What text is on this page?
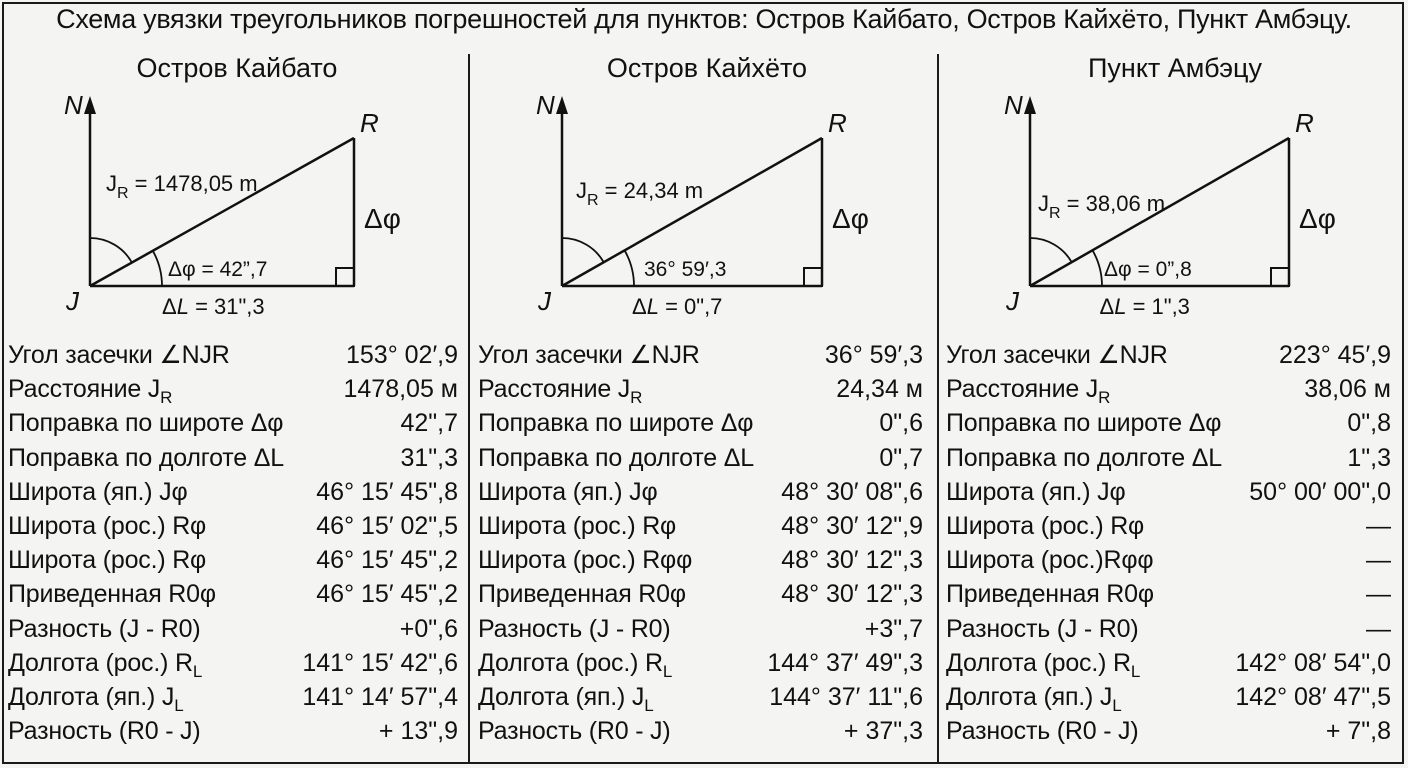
Схема увязки треугольников погрешностей для пунктов: Остров Кайбато, Остров Кайхёто, Пункт Амбэцу.
Остров Кайбато
N
J
R
Δφ
$J_R = 1478,05$ m
Δφ = 42”,7
ΔL = 31",3
Угол засечки ∠NJR	153° 02′,9
Расстояние $J_R$	1478,05 м
Поправка по широте Δφ	42",7
Поправка по долготе ΔL	31",3
Широта (яп.) Jφ	46° 15′ 45",8
Широта (рос.) Rφ	46° 15′ 02",5
Широта (рос.) Rφ	46° 15′ 45",2
Приведенная R0φ	46° 15′ 45",2
Разность (J - R0)	+0",6
Долгота (рос.) $R_L$	141° 15′ 42",6
Долгота (яп.) $J_L$	141° 14′ 57",4
Разность (R0 - J)	+ 13",9
Остров Кайхёто
N
J
R
Δφ
$J_R = 24,34$ m
36° 59′,3
ΔL = 0",7
Угол засечки ∠NJR	36° 59′,3
Расстояние $J_R$	24,34 м
Поправка по широте Δφ	0",6
Поправка по долготе ΔL	0",7
Широта (яп.) Jφ	48° 30′ 08",6
Широта (рос.) Rφ	48° 30′ 12",9
Широта (рос.) Rφφ	48° 30′ 12",3
Приведенная R0φ	48° 30′ 12",3
Разность (J - R0)	+3",7
Долгота (рос.) $R_L$	144° 37′ 49",3
Долгота (яп.) $J_L$	144° 37′ 11",6
Разность (R0 - J)	+ 37",3
Пункт Амбэцу
N
J
R
Δφ
$J_R = 38,06$ m
Δφ = 0”,8
ΔL = 1",3
Угол засечки ∠NJR	223° 45′,9
Расстояние $J_R$	38,06 м
Поправка по широте Δφ	0",8
Поправка по долготе ΔL	1",3
Широта (яп.) Jφ	50° 00′ 00",0
Широта (рос.) Rφ	—
Широта (рос.)Rφφ	—
Приведенная R0φ	—
Разность (J - R0)	—
Долгота (рос.) $R_L$	142° 08′ 54",0
Долгота (яп.) $J_L$	142° 08′ 47",5
Разность (R0 - J)	+ 7",8
